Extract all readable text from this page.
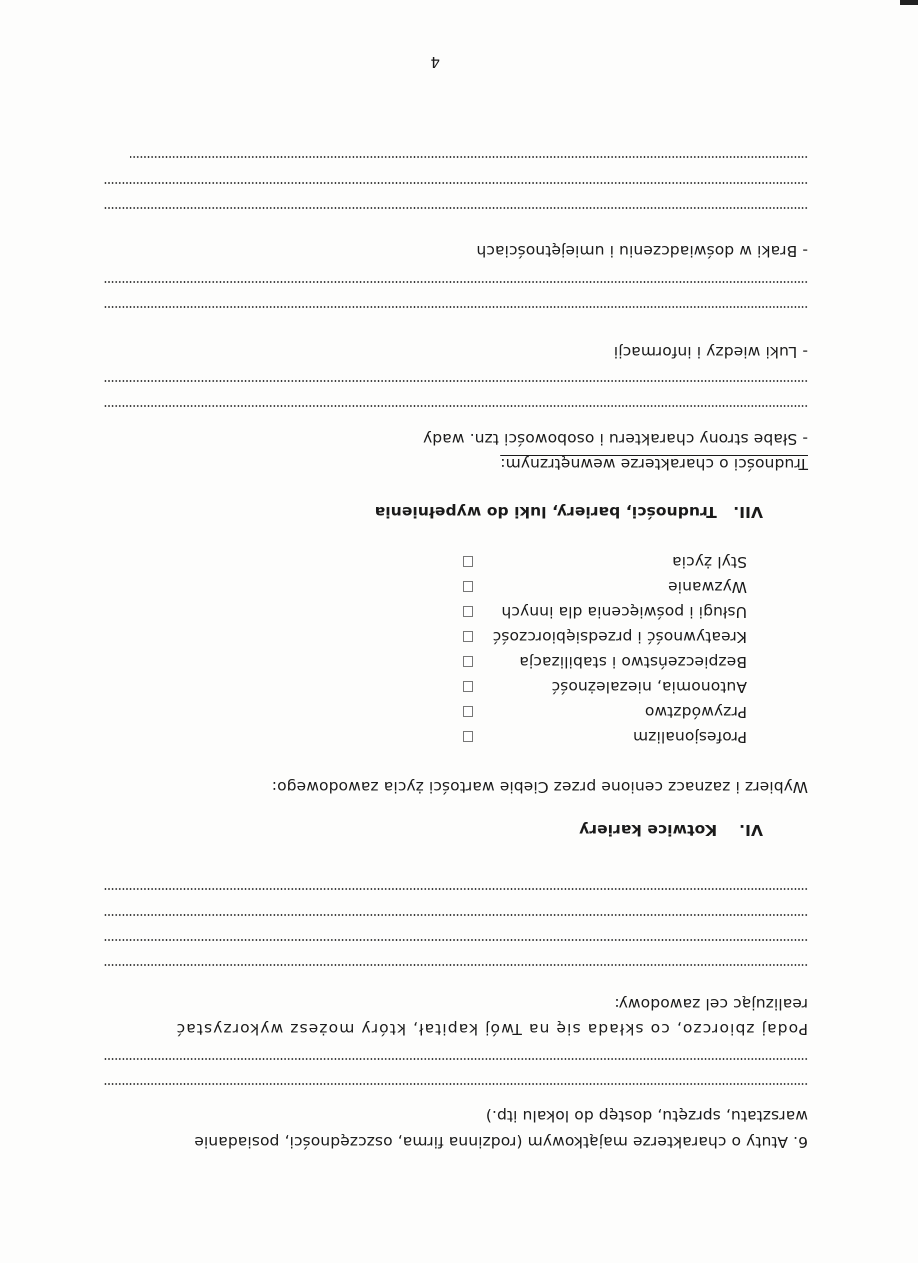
6. Atuty o charakterze majątkowym (rodzinna firma, oszczędności, posiadanie
warsztatu, sprzętu, dostęp do lokalu itp.)
Podaj zbiorczo, co składa się na Twój kapitał, który możesz wykorzystać
realizując cel zawodowy:
VI.    Kotwice kariery
Wybierz i zaznacz cenione przez Ciebie wartości życia zawodowego:
Profesjonalizm
Przywództwo
Autonomia, niezależność
Bezpieczeństwo i stabilizacja
Kreatywność i przedsiębiorczość
Usługi i poświęcenia dla innych
Wyzwanie
Styl życia
VII.   Trudności, bariery, luki do wypełnienia
Trudności o charakterze wewnętrznym:
- Słabe strony charakteru i osobowości tzn. wady
- Luki wiedzy i informacji
- Braki w doświadczeniu i umiejętnościach
4
